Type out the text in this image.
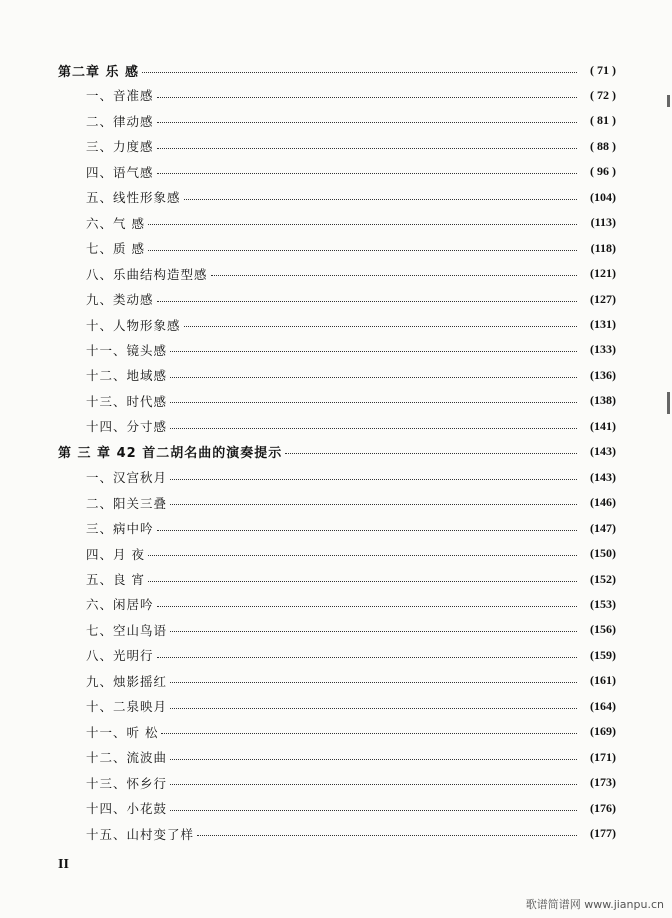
第二章 乐 感	( 71 )
一、音准感	( 72 )
二、律动感	( 81 )
三、力度感	( 88 )
四、语气感	( 96 )
五、线性形象感	(104)
六、气 感	(113)
七、质 感	(118)
八、乐曲结构造型感	(121)
九、类动感	(127)
十、人物形象感	(131)
十一、镜头感	(133)
十二、地域感	(136)
十三、时代感	(138)
十四、分寸感	(141)
第 三 章 42 首二胡名曲的演奏提示	(143)
一、汉宫秋月	(143)
二、阳关三叠	(146)
三、病中吟	(147)
四、月 夜	(150)
五、良 宵	(152)
六、闲居吟	(153)
七、空山鸟语	(156)
八、光明行	(159)
九、烛影摇红	(161)
十、二泉映月	(164)
十一、听 松	(169)
十二、流波曲	(171)
十三、怀乡行	(173)
十四、小花鼓	(176)
十五、山村变了样	(177)
II
歌谱简谱网 www.jianpu.cn
